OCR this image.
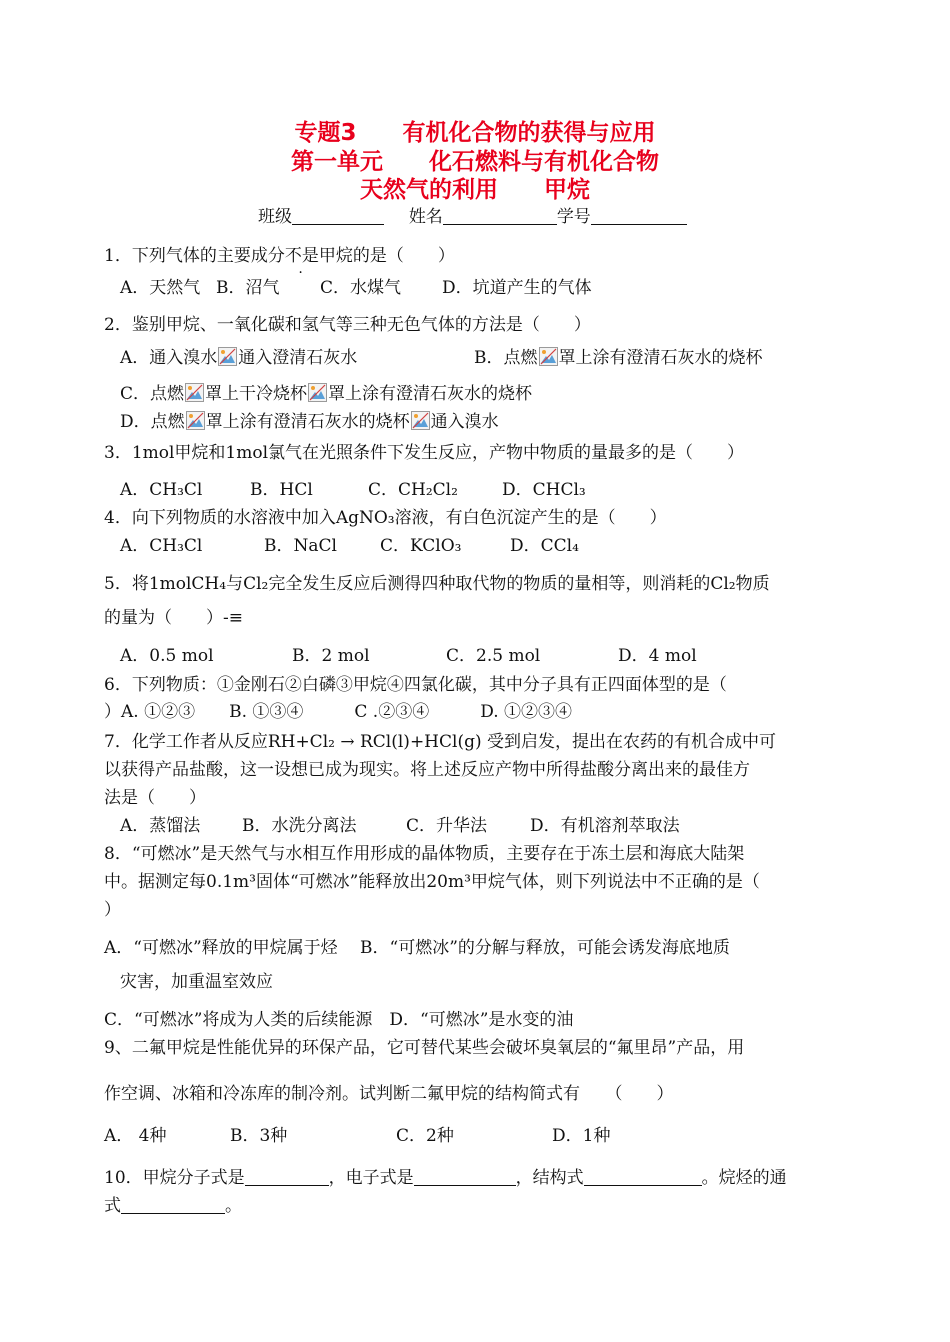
专题3 有机化合物的获得与应用
第一单元 化石燃料与有机化合物
天然气的利用 甲烷
班级	姓名	学号
1．下列气体的主要成分不是甲烷的是（　　）
A．天然气 B．沼气 C．水煤气 D．坑道产生的气体
2．鉴别甲烷、一氧化碳和氢气等三种无色气体的方法是（　　）
A．通入溴水 通入澄清石灰水	B．点燃 罩上涂有澄清石灰水的烧杯
C．点燃 罩上干冷烧杯 罩上涂有澄清石灰水的烧杯
D．点燃 罩上涂有澄清石灰水的烧杯 通入溴水
3．1mol甲烷和1mol氯气在光照条件下发生反应，产物中物质的量最多的是（　　）
A．CH₃Cl	B．HCl	C．CH₂Cl₂	D．CHCl₃
4．向下列物质的水溶液中加入AgNO₃溶液，有白色沉淀产生的是（　　）
A．CH₃Cl	B．NaCl	C．KClO₃	D．CCl₄
5．将1molCH₄与Cl₂完全发生反应后测得四种取代物的物质的量相等，则消耗的Cl₂物质
的量为（　　）-≡
A．0.5 mol	B．2 mol	C．2.5 mol	D．4 mol
6．下列物质：①金刚石②白磷③甲烷④四氯化碳，其中分子具有正四面体型的是（
）A. ①②③　　B. ①③④　　　C .②③④　　　D. ①②③④
7．化学工作者从反应RH+Cl₂ → RCl(l)+HCl(g) 受到启发，提出在农药的有机合成中可
以获得产品盐酸，这一设想已成为现实。将上述反应产物中所得盐酸分离出来的最佳方
法是（　　）
A．蒸馏法 B．水洗分离法	C．升华法	D．有机溶剂萃取法
8．“可燃冰”是天然气与水相互作用形成的晶体物质，主要存在于冻土层和海底大陆架
中。据测定每0.1m³固体“可燃冰”能释放出20m³甲烷气体，则下列说法中不正确的是（
）
A．“可燃冰”释放的甲烷属于烃　 B．“可燃冰”的分解与释放，可能会诱发海底地质
灾害，加重温室效应
C．“可燃冰”将成为人类的后续能源　D．“可燃冰”是水变的油
9、二氟甲烷是性能优异的环保产品，它可替代某些会破坏臭氧层的“氟里昂”产品，用
作空调、冰箱和冷冻库的制冷剂。试判断二氟甲烷的结构简式有　　（　　）
A． 4种	B．3种	C．2种	D．1种
10．甲烷分子式是	，电子式是	，结构式	。烷烃的通
式	。
